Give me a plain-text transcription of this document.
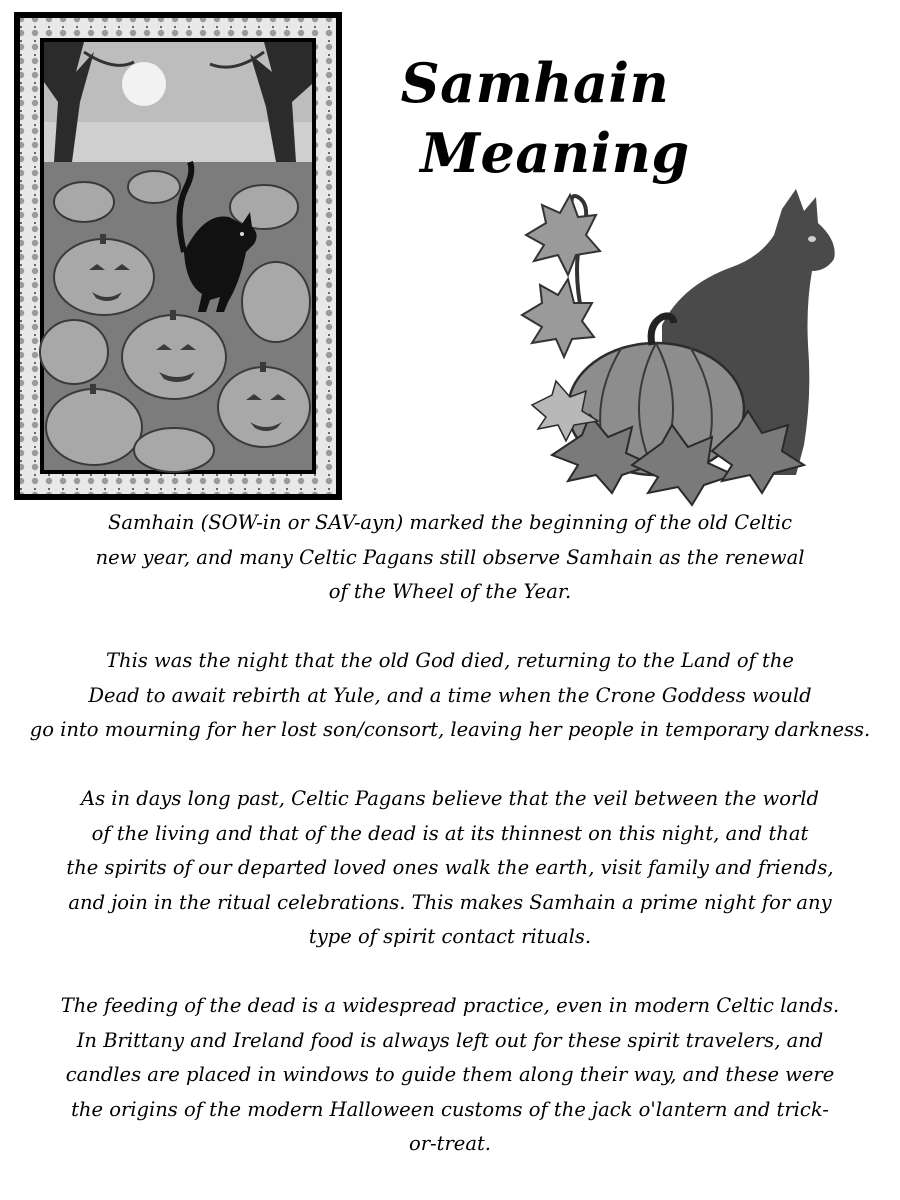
Samhain
Meaning

Samhain (SOW-in or SAV-ayn) marked the beginning of the old Celtic
new year, and many Celtic Pagans still observe Samhain as the renewal
of the Wheel of the Year.

This was the night that the old God died, returning to the Land of the
Dead to await rebirth at Yule, and a time when the Crone Goddess would
go into mourning for her lost son/consort, leaving her people in temporary darkness.

As in days long past, Celtic Pagans believe that the veil between the world
of the living and that of the dead is at its thinnest on this night, and that
the spirits of our departed loved ones walk the earth, visit family and friends,
and join in the ritual celebrations. This makes Samhain a prime night for any
type of spirit contact rituals.

The feeding of the dead is a widespread practice, even in modern Celtic lands.
In Brittany and Ireland food is always left out for these spirit travelers, and
candles are placed in windows to guide them along their way, and these were
the origins of the modern Halloween customs of the jack o'lantern and trick-
or-treat.
